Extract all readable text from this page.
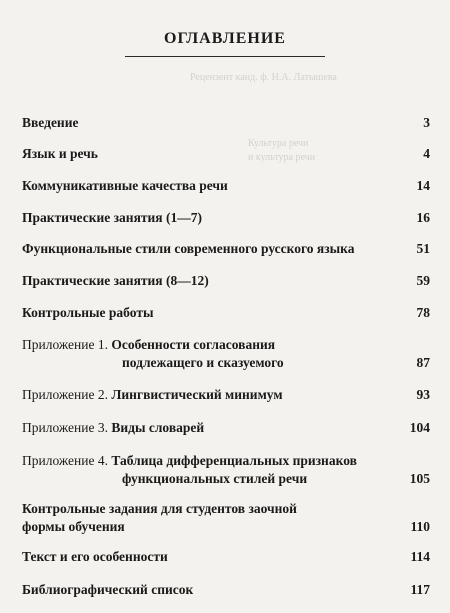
Рецензент канд. ф. Н.А. Латышева
Культура речи
и культура речи
ОГЛАВЛЕНИЕ
Введение	3
Язык и речь	4
Коммуникативные качества речи	14
Практические занятия (1—7)	16
Функциональные стили современного русского языка	51
Практические занятия (8—12)	59
Контрольные работы	78
Приложение 1. Особенности согласования
подлежащего и сказуемого	87
Приложение 2. Лингвистический минимум	93
Приложение 3. Виды словарей	104
Приложение 4. Таблица дифференциальных признаков
функциональных стилей речи	105
Контрольные задания для студентов заочной
формы обучения	110
Текст и его особенности	114
Библиографический список	117
